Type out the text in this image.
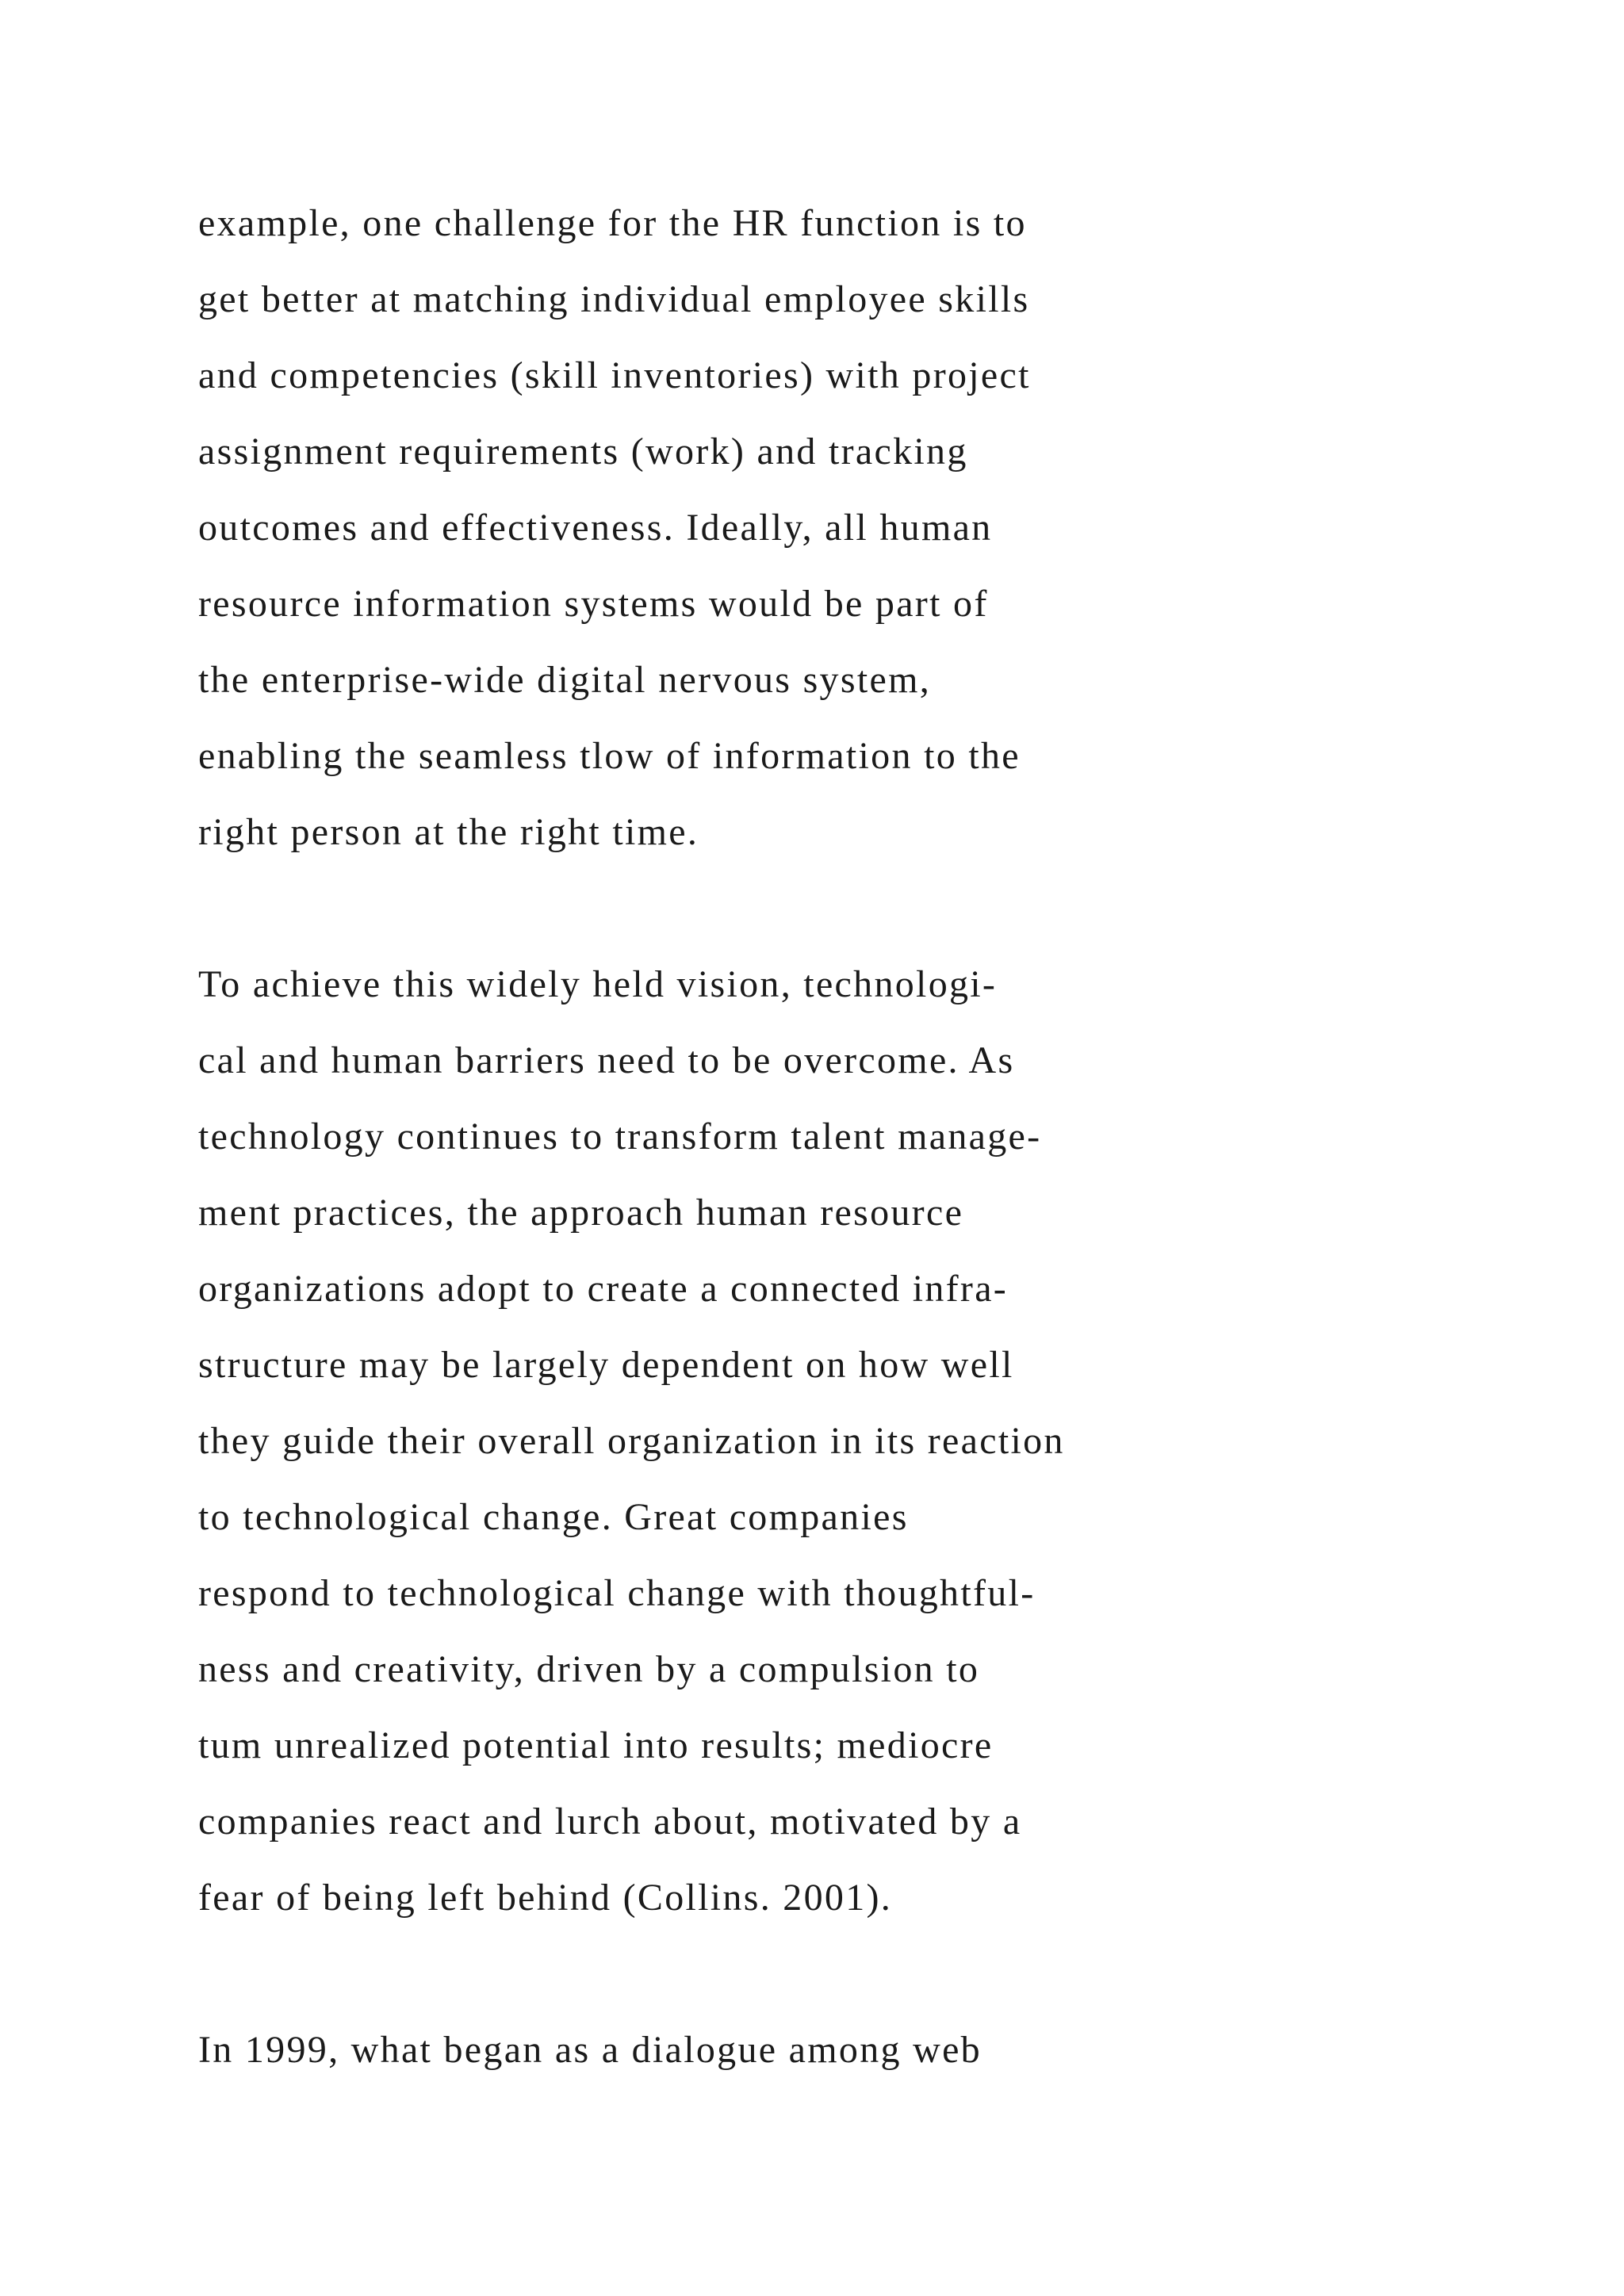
example, one challenge for the HR function is to
get better at matching individual employee skills
and competencies (skill inventories) with project
assignment requirements (work) and tracking
outcomes and effectiveness. Ideally, all human
resource information systems would be part of
the enterprise-wide digital nervous system,
enabling the seamless tlow of information to the
right person at the right time.

To achieve this widely held vision, technologi-
cal and human barriers need to be overcome. As
technology continues to transform talent manage-
ment practices, the approach human resource
organizations adopt to create a connected infra-
structure may be largely dependent on how well
they guide their overall organization in its reaction
to technological change. Great companies
respond to technological change with thoughtful-
ness and creativity, driven by a compulsion to
tum unrealized potential into results; mediocre
companies react and lurch about, motivated by a
fear of being left behind (Collins. 2001).

In 1999, what began as a dialogue among web
